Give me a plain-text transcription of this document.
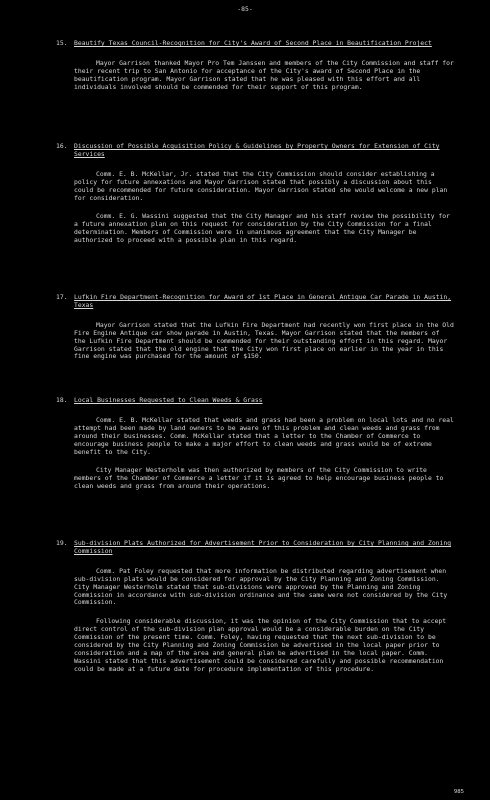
-85-
15. Beautify Texas Council-Recognition for City's Award of Second Place in Beautification Project

Mayor Garrison thanked Mayor Pro Tem Janssen and members of the City Commission and staff for their recent trip to San Antonio for acceptance of the City's award of Second Place in the beautification program. Mayor Garrison stated that he was pleased with this effort and all individuals involved should be commended for their support of this program.

16. Discussion of Possible Acquisition Policy & Guidelines by Property Owners for Extension of City Services

Comm. E. B. McKellar, Jr. stated that the City Commission should consider establishing a policy for future annexations and Mayor Garrison stated that possibly a discussion about this could be recommended for future consideration. Mayor Garrison stated she would welcome a new plan for consideration.

Comm. E. G. Wassini suggested that the City Manager and his staff review the possibility for a future annexation plan on this request for consideration by the City Commission for a final determination. Members of Commission were in unanimous agreement that the City Manager be authorized to proceed with a possible plan in this regard.

17. Lufkin Fire Department-Recognition for Award of 1st Place in General Antique Car Parade in Austin, Texas

Mayor Garrison stated that the Lufkin Fire Department had recently won first place in the Old Fire Engine Antique car show parade in Austin, Texas. Mayor Garrison stated that the members of the Lufkin Fire Department should be commended for their outstanding effort in this regard. Mayor Garrison stated that the old engine that the City won first place on earlier in the year in this fine engine was purchased for the amount of $150.

18. Local Businesses Requested to Clean Weeds & Grass

Comm. E. B. McKellar stated that weeds and grass had been a problem on local lots and no real attempt had been made by land owners to be aware of this problem and clean weeds and grass from around their businesses. Comm. McKellar stated that a letter to the Chamber of Commerce to encourage business people to make a major effort to clean weeds and grass would be of extreme benefit to the City.

City Manager Westerholm was then authorized by members of the City Commission to write members of the Chamber of Commerce a letter if it is agreed to help encourage business people to clean weeds and grass from around their operations.

19. Sub-division Plats Authorized for Advertisement Prior to Consideration by City Planning and Zoning Commission

Comm. Pat Foley requested that more information be distributed regarding advertisement when sub-division plats would be considered for approval by the City Planning and Zoning Commission. City Manager Westerholm stated that sub-divisions were approved by the Planning and Zoning Commission in accordance with sub-division ordinance and the same were not considered by the City Commission.

Following considerable discussion, it was the opinion of the City Commission that to accept direct control of the sub-division plan approval would be a considerable burden on the City Commission of the present time. Comm. Foley, having requested that the next sub-division to be considered by the City Planning and Zoning Commission be advertised in the local paper prior to consideration and a map of the area and general plan be advertised in the local paper. Comm. Wassini stated that this advertisement could be considered carefully and possible recommendation could be made at a future date for procedure implementation of this procedure.

985
